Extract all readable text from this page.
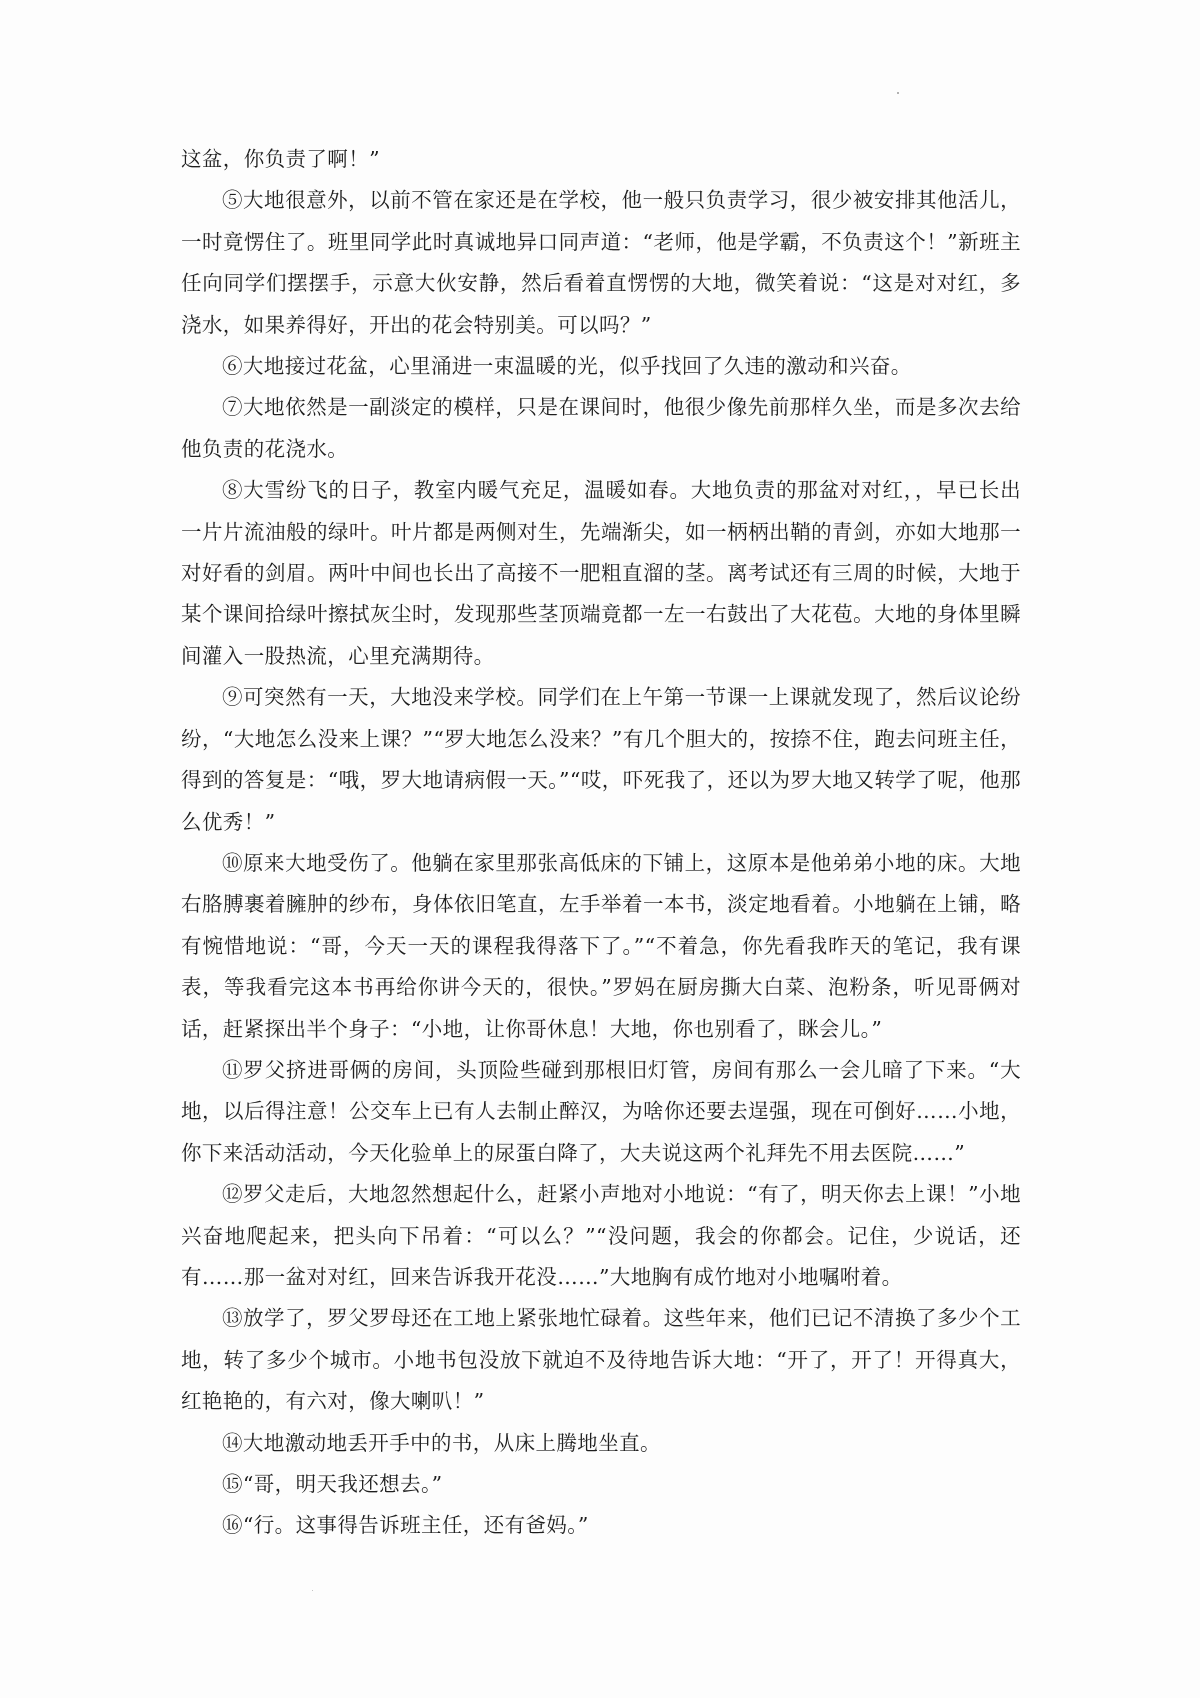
这盆，你负责了啊！”

⑤大地很意外，以前不管在家还是在学校，他一般只负责学习，很少被安排其他活儿，一时竟愣住了。班里同学此时真诚地异口同声道：“老师，他是学霸，不负责这个！”新班主任向同学们摆摆手，示意大伙安静，然后看着直愣愣的大地，微笑着说：“这是对对红，多浇水，如果养得好，开出的花会特别美。可以吗？”

⑥大地接过花盆，心里涌进一束温暖的光，似乎找回了久违的激动和兴奋。

⑦大地依然是一副淡定的模样，只是在课间时，他很少像先前那样久坐，而是多次去给他负责的花浇水。

⑧大雪纷飞的日子，教室内暖气充足，温暖如春。大地负责的那盆对对红，，早已长出一片片流油般的绿叶。叶片都是两侧对生，先端渐尖，如一柄柄出鞘的青剑，亦如大地那一对好看的剑眉。两叶中间也长出了高接不一肥粗直溜的茎。离考试还有三周的时候，大地于某个课间拾绿叶擦拭灰尘时，发现那些茎顶端竟都一左一右鼓出了大花苞。大地的身体里瞬间灌入一股热流，心里充满期待。

⑨可突然有一天，大地没来学校。同学们在上午第一节课一上课就发现了，然后议论纷纷，“大地怎么没来上课？”“罗大地怎么没来？”有几个胆大的，按捺不住，跑去问班主任，得到的答复是：“哦，罗大地请病假一天。”“哎，吓死我了，还以为罗大地又转学了呢，他那么优秀！”

⑩原来大地受伤了。他躺在家里那张高低床的下铺上，这原本是他弟弟小地的床。大地右胳膊裹着臃肿的纱布，身体依旧笔直，左手举着一本书，淡定地看着。小地躺在上铺，略有惋惜地说：“哥，今天一天的课程我得落下了。”“不着急，你先看我昨天的笔记，我有课表，等我看完这本书再给你讲今天的，很快。”罗妈在厨房撕大白菜、泡粉条，听见哥俩对话，赶紧探出半个身子：“小地，让你哥休息！大地，你也别看了，眯会儿。”

⑪罗父挤进哥俩的房间，头顶险些碰到那根旧灯管，房间有那么一会儿暗了下来。“大地，以后得注意！公交车上已有人去制止醉汉，为啥你还要去逞强，现在可倒好……小地，你下来活动活动，今天化验单上的尿蛋白降了，大夫说这两个礼拜先不用去医院……”

⑫罗父走后，大地忽然想起什么，赶紧小声地对小地说：“有了，明天你去上课！”小地兴奋地爬起来，把头向下吊着：“可以么？”“没问题，我会的你都会。记住，少说话，还有……那一盆对对红，回来告诉我开花没……”大地胸有成竹地对小地嘱咐着。

⑬放学了，罗父罗母还在工地上紧张地忙碌着。这些年来，他们已记不清换了多少个工地，转了多少个城市。小地书包没放下就迫不及待地告诉大地：“开了，开了！开得真大，红艳艳的，有六对，像大喇叭！”

⑭大地激动地丢开手中的书，从床上腾地坐直。

⑮“哥，明天我还想去。”

⑯“行。这事得告诉班主任，还有爸妈。”
